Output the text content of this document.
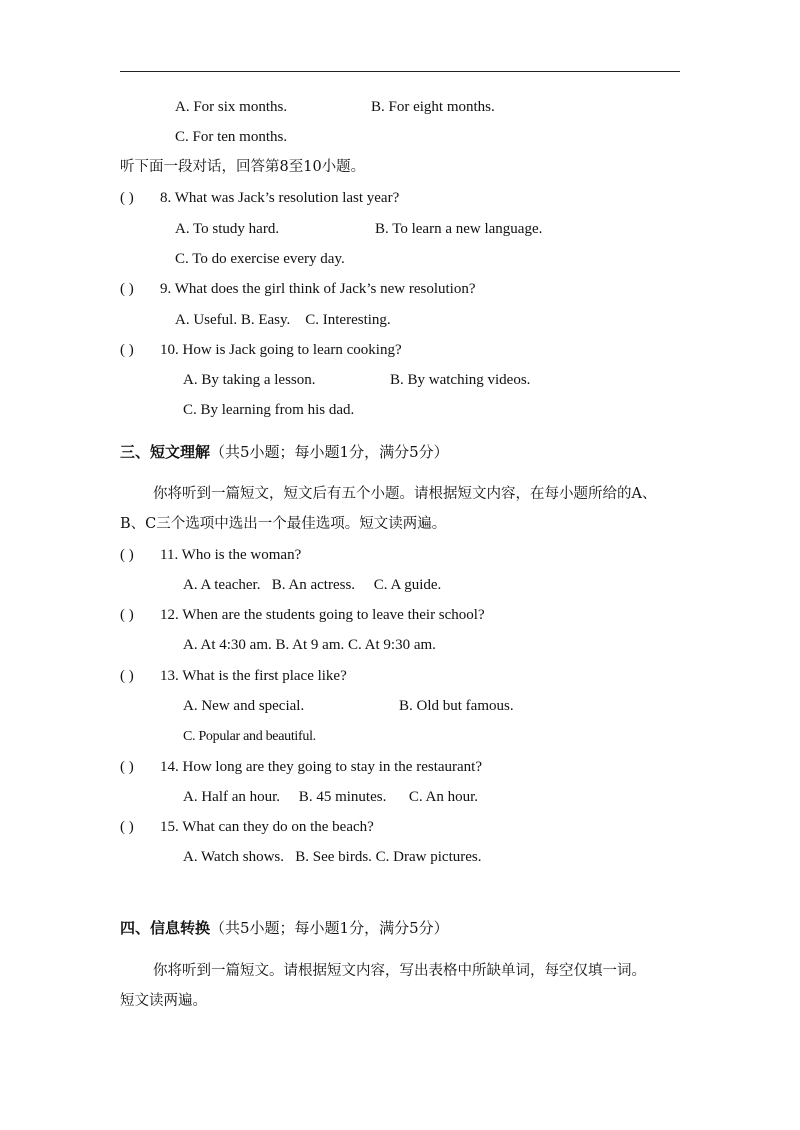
A. For six months.	B. For eight months.
C. For ten months.
听下面一段对话，回答第8至10小题。
( ) 8. What was Jack’s resolution last year?
A. To study hard.	B. To learn a new language.
C. To do exercise every day.
( ) 9. What does the girl think of Jack’s new resolution?
A. Useful. B. Easy.    C. Interesting.
( ) 10. How is Jack going to learn cooking?
A. By taking a lesson.	B. By watching videos.
C. By learning from his dad.
三、短文理解（共5小题；每小题1分，满分5分）
你将听到一篇短文，短文后有五个小题。请根据短文内容，在每小题所给的A、
B、C三个选项中选出一个最佳选项。短文读两遍。
( ) 11. Who is the woman?
A. A teacher.   B. An actress.     C. A guide.
( ) 12. When are the students going to leave their school?
A. At 4:30 am. B. At 9 am. C. At 9:30 am.
( ) 13. What is the first place like?
A. New and special.	B. Old but famous.
C. Popular and beautiful.
( ) 14. How long are they going to stay in the restaurant?
A. Half an hour.     B. 45 minutes.      C. An hour.
( ) 15. What can they do on the beach?
A. Watch shows.   B. See birds. C. Draw pictures.
四、信息转换（共5小题；每小题1分，满分5分）
你将听到一篇短文。请根据短文内容，写出表格中所缺单词，每空仅填一词。
短文读两遍。
